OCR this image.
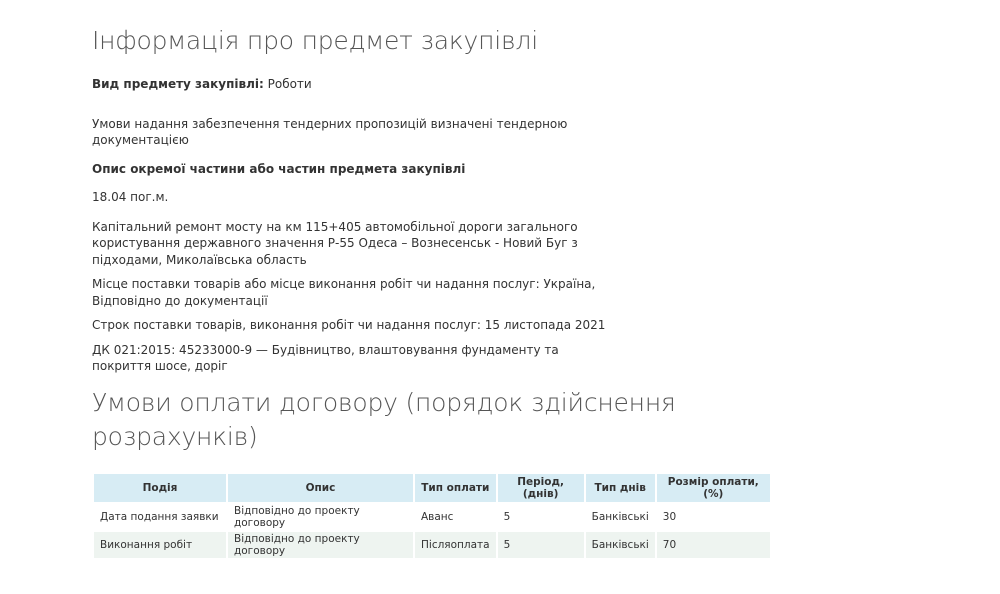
Інформація про предмет закупівлі

Вид предмету закупівлі: Роботи

Умови надання забезпечення тендерних пропозицій визначені тендерною документацією

Опис окремої частини або частин предмета закупівлі

18.04 пог.м.

Капітальний ремонт мосту на км 115+405 автомобільної дороги загального користування державного значення Р-55 Одеса – Вознесенськ - Новий Буг з підходами, Миколаївська область

Місце поставки товарів або місце виконання робіт чи надання послуг: Україна, Відповідно до документації

Строк поставки товарів, виконання робіт чи надання послуг: 15 листопада 2021

ДК 021:2015: 45233000-9 — Будівництво, влаштовування фундаменту та покриття шосе, доріг

Умови оплати договору (порядок здійснення розрахунків)
Подія	Опис	Тип оплати	Період, (днів)	Тип днів	Розмір оплати, (%)
Дата подання заявки	Відповідно до проекту договору	Аванс	5	Банківські	30
Виконання робіт	Відповідно до проекту договору	Післяоплата	5	Банківські	70
